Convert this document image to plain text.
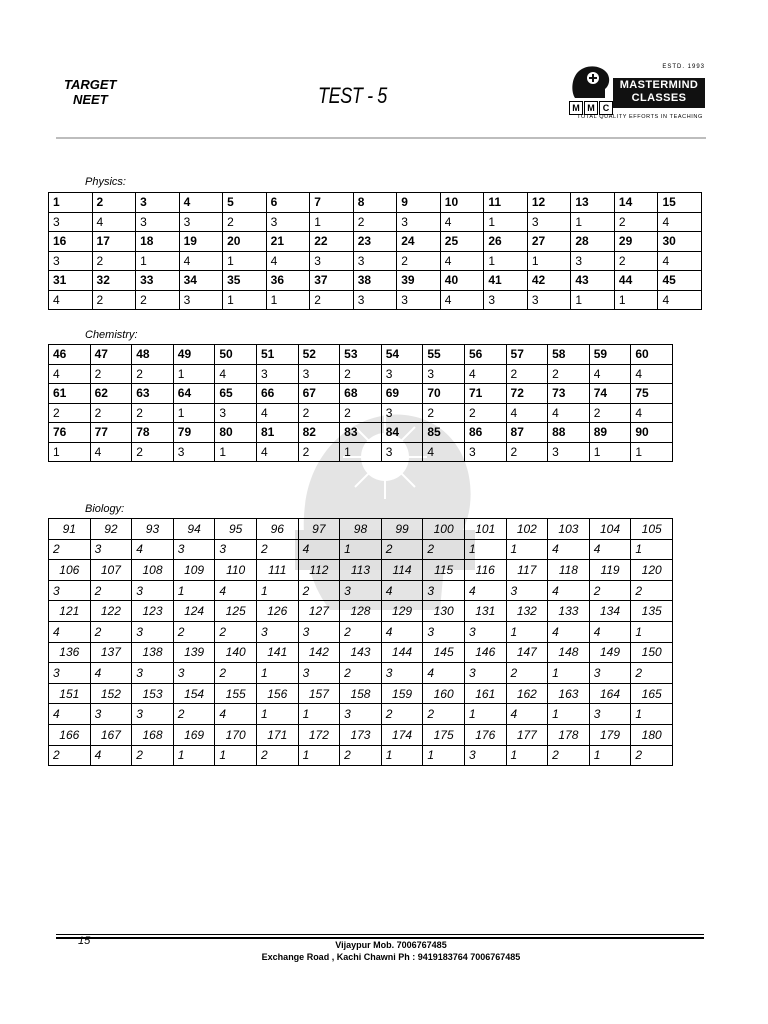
TARGET
NEET	TEST - 5
ESTD. 1993
MASTERMIND
CLASSES
M M C
TOTAL QUALITY EFFORTS IN TEACHING
Physics:
Chemistry:
Biology:
1	2	3	4	5	6	7	8	9	10	11	12	13	14	15
3	4	3	3	2	3	1	2	3	4	1	3	1	2	4
16	17	18	19	20	21	22	23	24	25	26	27	28	29	30
3	2	1	4	1	4	3	3	2	4	1	1	3	2	4
31	32	33	34	35	36	37	38	39	40	41	42	43	44	45
4	2	2	3	1	1	2	3	3	4	3	3	1	1	4
46	47	48	49	50	51	52	53	54	55	56	57	58	59	60
4	2	2	1	4	3	3	2	3	3	4	2	2	4	4
61	62	63	64	65	66	67	68	69	70	71	72	73	74	75
2	2	2	1	3	4	2	2	3	2	2	4	4	2	4
76	77	78	79	80	81	82	83	84	85	86	87	88	89	90
1	4	2	3	1	4	2	1	3	4	3	2	3	1	1
91	92	93	94	95	96	97	98	99	100	101	102	103	104	105
2	3	4	3	3	2	4	1	2	2	1	1	4	4	1
106	107	108	109	110	111	112	113	114	115	116	117	118	119	120
3	2	3	1	4	1	2	3	4	3	4	3	4	2	2
121	122	123	124	125	126	127	128	129	130	131	132	133	134	135
4	2	3	2	2	3	3	2	4	3	3	1	4	4	1
136	137	138	139	140	141	142	143	144	145	146	147	148	149	150
3	4	3	3	2	1	3	2	3	4	3	2	1	3	2
151	152	153	154	155	156	157	158	159	160	161	162	163	164	165
4	3	3	2	4	1	1	3	2	2	1	4	1	3	1
166	167	168	169	170	171	172	173	174	175	176	177	178	179	180
2	4	2	1	1	2	1	2	1	1	3	1	2	1	2
15	Vijaypur Mob. 7006767485
Exchange Road , Kachi Chawni Ph : 9419183764 7006767485
